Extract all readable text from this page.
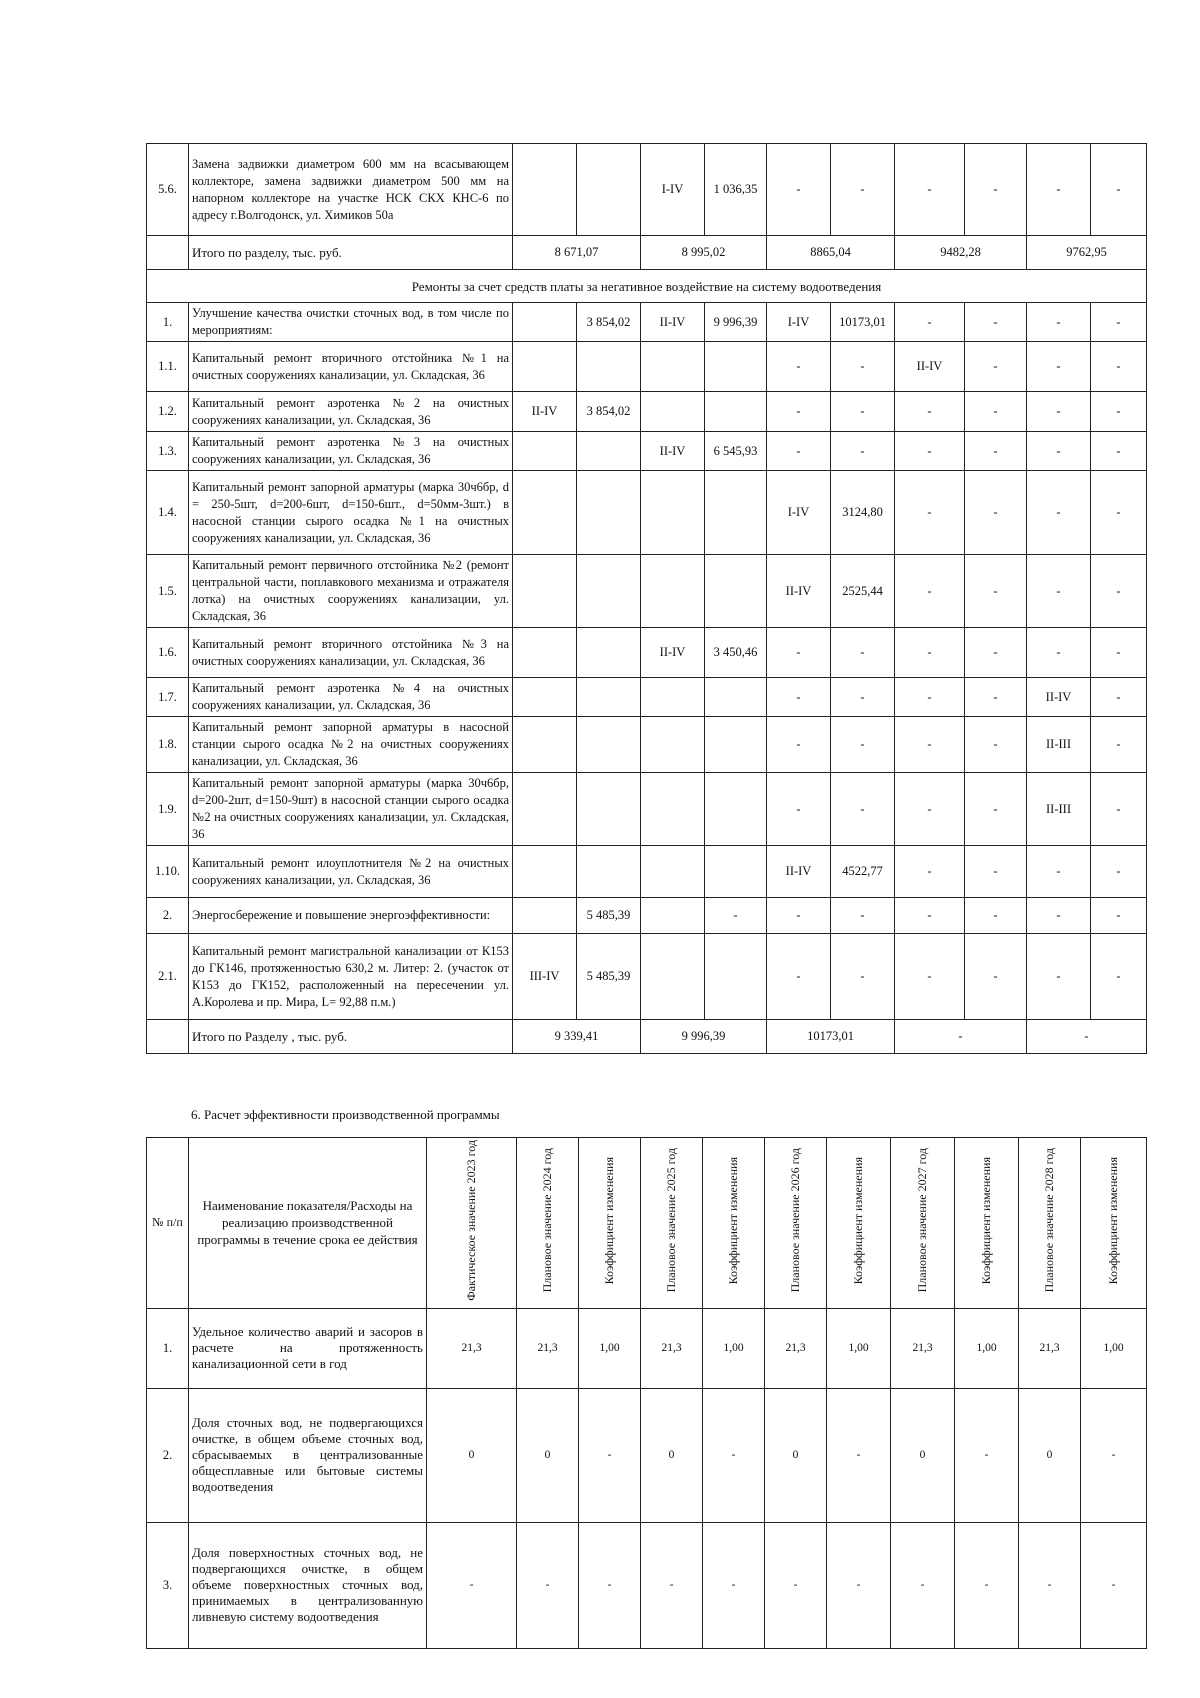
5.6.	Замена задвижки диаметром 600 мм на всасывающем коллекторе, замена задвижки диаметром 500 мм на напорном коллекторе на участке НСК СКХ КНС-6 по адресу г.Волгодонск, ул. Химиков 50а			I-IV	1 036,35	-	-	-	-	-	-
	Итого по разделу, тыс. руб.	8 671,07		8 995,02		8865,04		9482,28		9762,95	
Ремонты за счет средств платы за негативное воздействие на систему водоотведения											
1.	Улучшение качества очистки сточных вод, в том числе по мероприятиям:		3 854,02	II-IV	9 996,39	I-IV	10173,01	-	-	-	-
1.1.	Капитальный ремонт вторичного отстойника №1 на очистных сооружениях канализации, ул. Складская, 36					-	-	II-IV	-	-	-
1.2.	Капитальный ремонт аэротенка №2 на очистных сооружениях канализации, ул. Складская, 36	II-IV	3 854,02			-	-	-	-	-	-
1.3.	Капитальный ремонт аэротенка №3 на очистных сооружениях канализации, ул. Складская, 36			II-IV	6 545,93	-	-	-	-	-	-
1.4.	Капитальный ремонт запорной арматуры (марка 30ч6бр, d = 250-5шт, d=200-6шт, d=150-6шт., d=50мм-3шт.) в насосной станции сырого осадка №1 на очистных сооружениях канализации, ул. Складская, 36					I-IV	3124,80	-	-	-	-
1.5.	Капитальный ремонт первичного отстойника №2 (ремонт центральной части, поплавкового механизма и отражателя лотка) на очистных сооружениях канализации, ул. Складская, 36					II-IV	2525,44	-	-	-	-
1.6.	Капитальный ремонт вторичного отстойника №3 на очистных сооружениях канализации, ул. Складская, 36			II-IV	3 450,46	-	-	-	-	-	-
1.7.	Капитальный ремонт аэротенка №4 на очистных сооружениях канализации, ул. Складская, 36					-	-	-	-	II-IV	-
1.8.	Капитальный ремонт запорной арматуры в насосной станции сырого осадка №2 на очистных сооружениях канализации, ул. Складская, 36					-	-	-	-	II-III	-
1.9.	Капитальный ремонт запорной арматуры (марка 30ч6бр, d=200-2шт, d=150-9шт) в насосной станции сырого осадка №2 на очистных сооружениях канализации, ул. Складская, 36					-	-	-	-	II-III	-
1.10.	Капитальный ремонт илоуплотнителя №2 на очистных сооружениях канализации, ул. Складская, 36					II-IV	4522,77	-	-	-	-
2.	Энергосбережение и повышение энергоэффективности:		5 485,39		-	-	-	-	-	-	-
2.1.	Капитальный ремонт магистральной канализации от К153 до ГК146, протяженностью 630,2 м. Литер: 2. (участок от К153 до ГК152, расположенный на пересечении ул. А.Королева и пр. Мира, L= 92,88 п.м.)	III-IV	5 485,39			-	-	-	-	-	-
	Итого по Разделу , тыс. руб.	9 339,41		9 996,39		10173,01		-		-	
6. Расчет эффективности производственной программы
№ п/п	Наименование показателя/Расходы на реализацию производственной программы в течение срока ее действия	Фактическое значение 2023 год	Плановое значение 2024 год	Коэффициент изменения	Плановое значение 2025 год	Коэффициент изменения	Плановое значение 2026 год	Коэффициент изменения	Плановое значение 2027 год	Коэффициент изменения	Плановое значение 2028 год	Коэффициент изменения
1.	Удельное количество аварий и засоров в расчете на протяженность канализационной сети в год	21,3	21,3	1,00	21,3	1,00	21,3	1,00	21,3	1,00	21,3	1,00
2.	Доля сточных вод, не подвергающихся очистке, в общем объеме сточных вод, сбрасываемых в централизованные общесплавные или бытовые системы водоотведения	0	0	-	0	-	0	-	0	-	0	-
3.	Доля поверхностных сточных вод, не подвергающихся очистке, в общем объеме поверхностных сточных вод, принимаемых в централизованную ливневую систему водоотведения	-	-	-	-	-	-	-	-	-	-	-
